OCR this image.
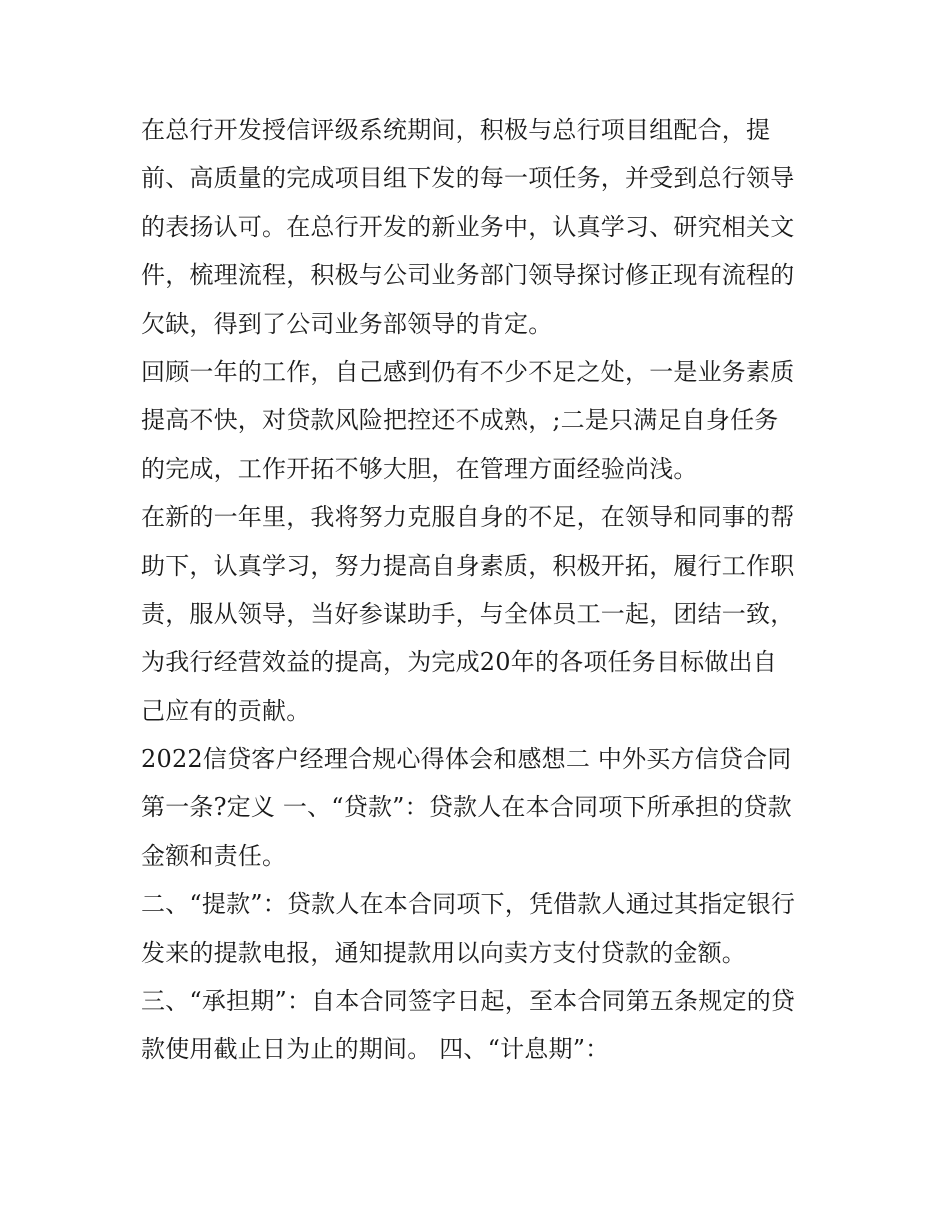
在总行开发授信评级系统期间，积极与总行项目组配合，提
前、高质量的完成项目组下发的每一项任务，并受到总行领导
的表扬认可。在总行开发的新业务中，认真学习、研究相关文
件，梳理流程，积极与公司业务部门领导探讨修正现有流程的
欠缺，得到了公司业务部领导的肯定。
回顾一年的工作，自己感到仍有不少不足之处，一是业务素质
提高不快，对贷款风险把控还不成熟，;二是只满足自身任务
的完成，工作开拓不够大胆，在管理方面经验尚浅。
在新的一年里，我将努力克服自身的不足，在领导和同事的帮
助下，认真学习，努力提高自身素质，积极开拓，履行工作职
责，服从领导，当好参谋助手，与全体员工一起，团结一致，
为我行经营效益的提高，为完成20年的各项任务目标做出自
己应有的贡献。
2022信贷客户经理合规心得体会和感想二 中外买方信贷合同
第一条?定义 一、“贷款”：贷款人在本合同项下所承担的贷款
金额和责任。
二、“提款”：贷款人在本合同项下，凭借款人通过其指定银行
发来的提款电报，通知提款用以向卖方支付贷款的金额。
三、“承担期”：自本合同签字日起，至本合同第五条规定的贷
款使用截止日为止的期间。 四、“计息期”：
